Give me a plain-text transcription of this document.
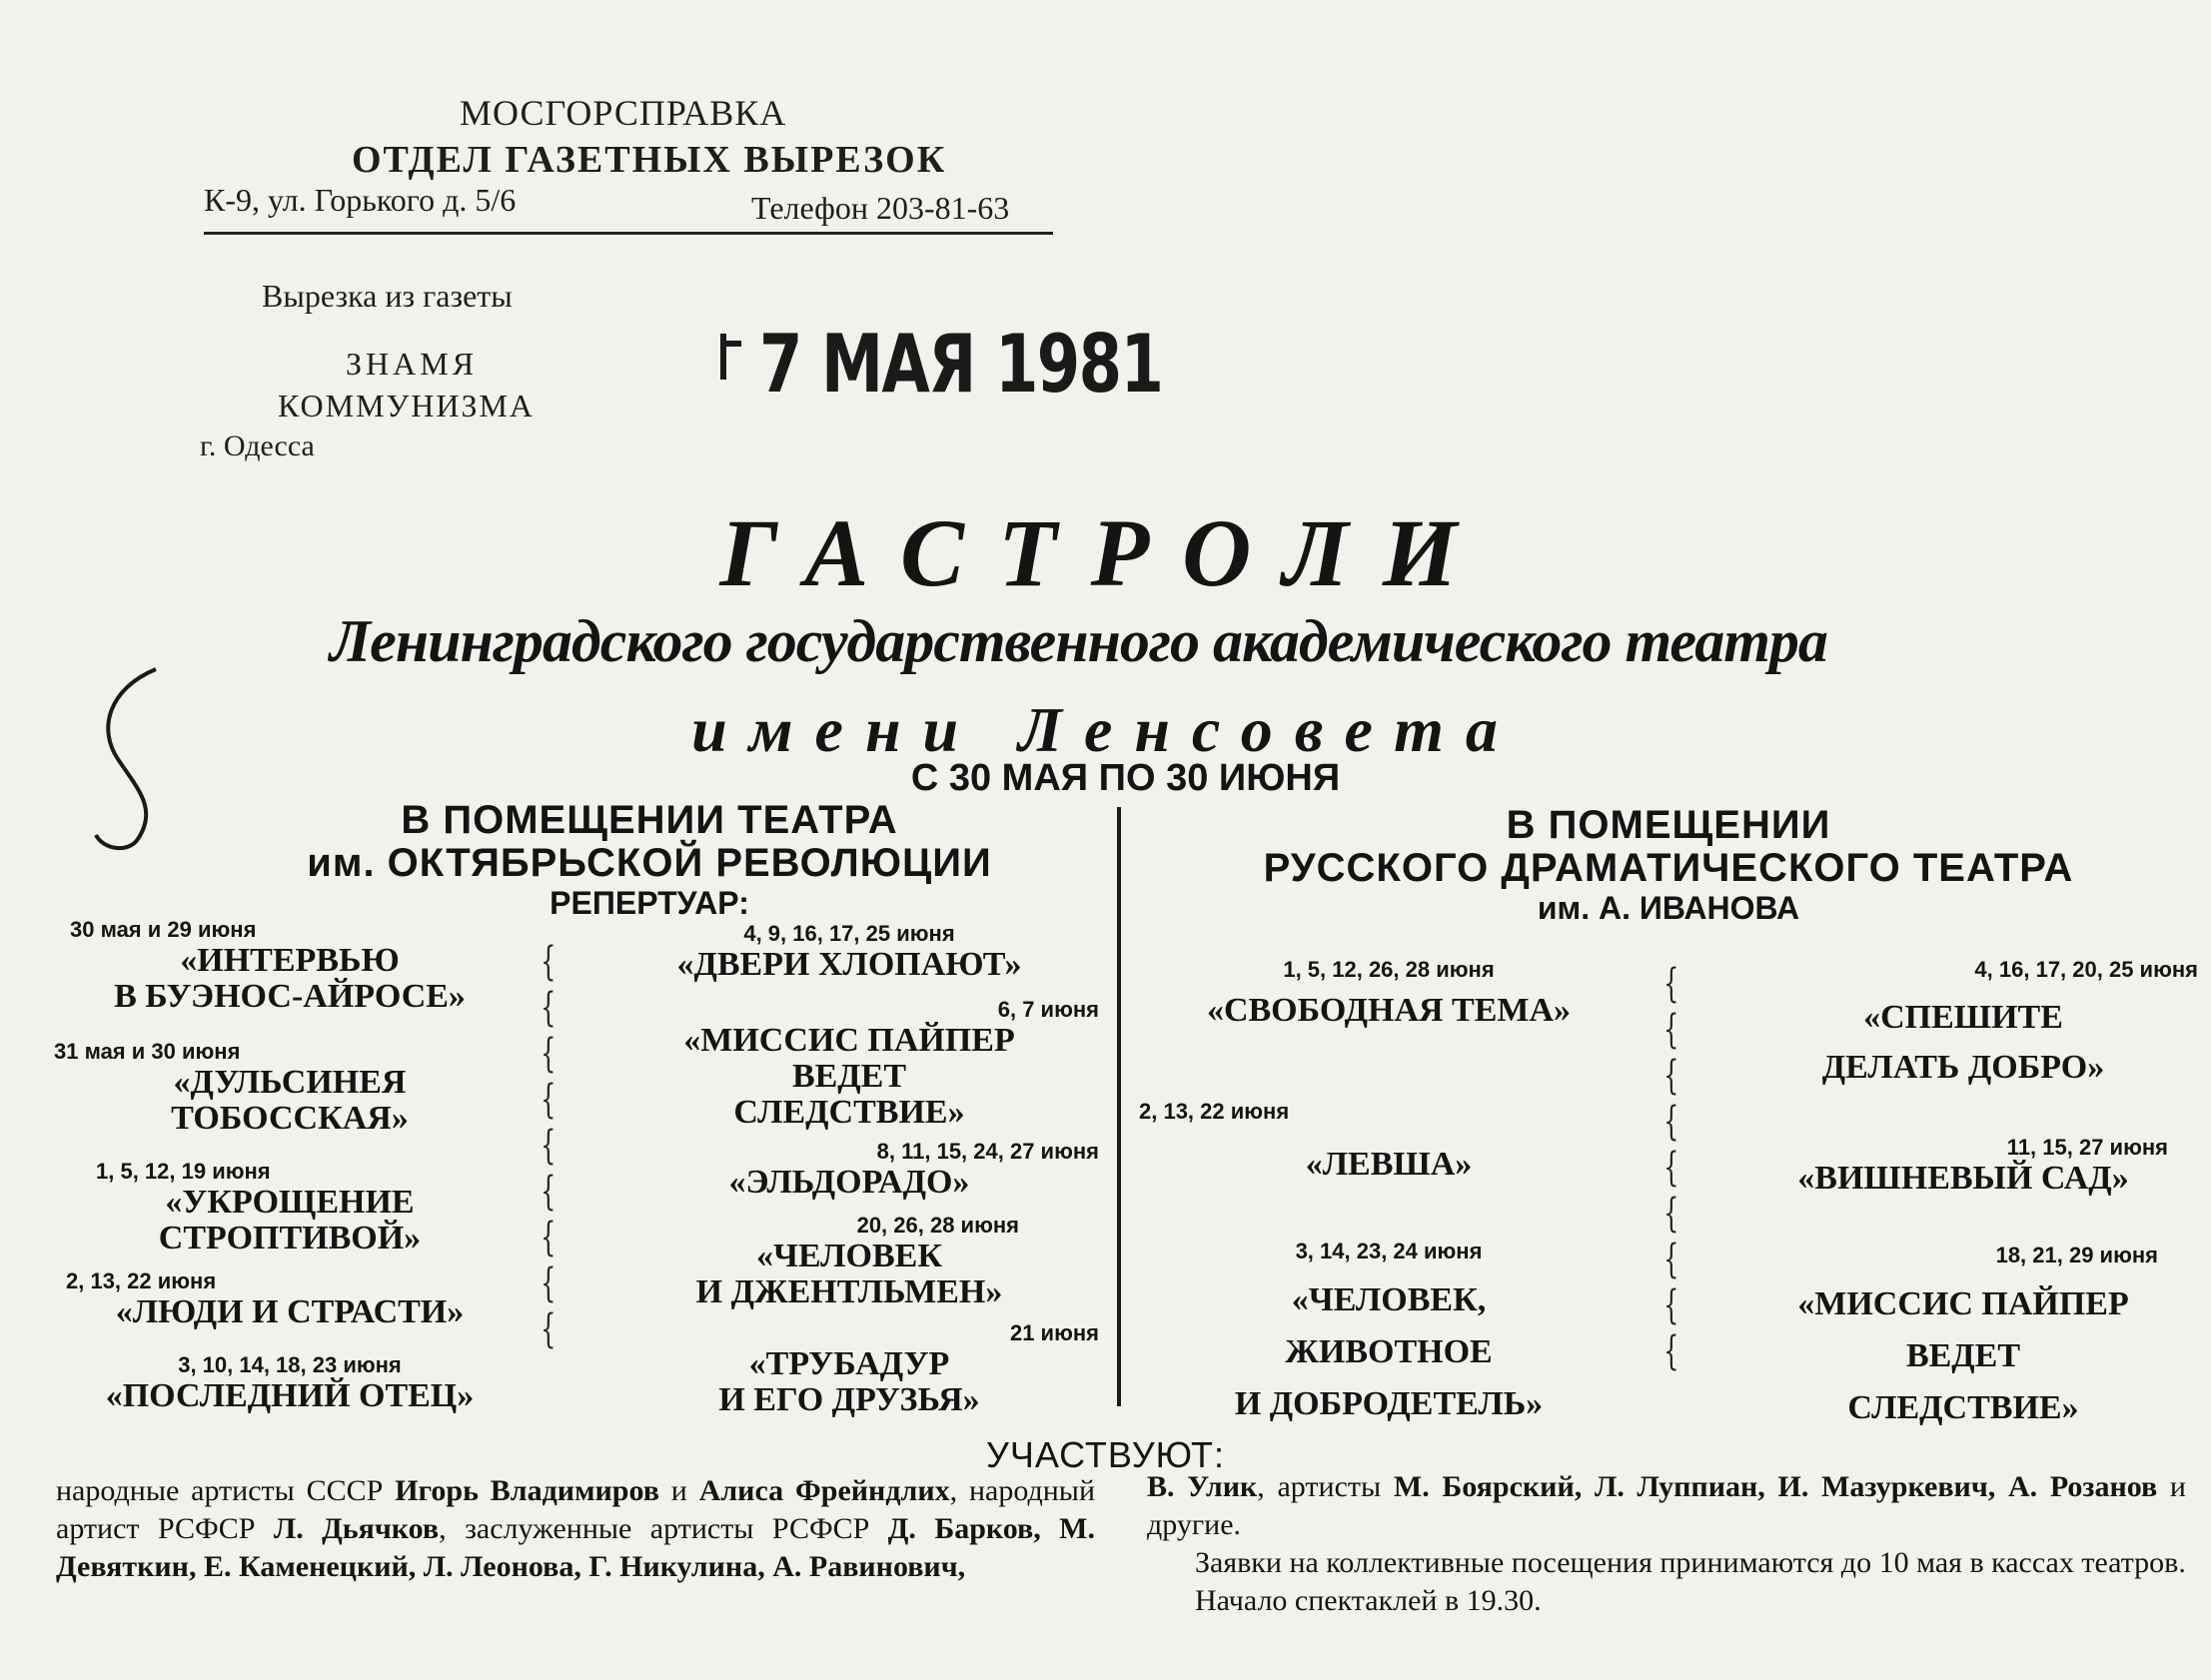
МОСГОРСПРАВКА
ОТДЕЛ ГАЗЕТНЫХ ВЫРЕЗОК
К-9, ул. Горького д. 5/6	Телефон 203-81-63
Вырезка из газеты
ЗНАМЯ
КОММУНИЗМА
г. Одесса
7 МАЯ 1981
ГАСТРОЛИ
Ленинградского государственного академического театра
имени Ленсовета
С 30 МАЯ ПО 30 ИЮНЯ
В ПОМЕЩЕНИИ ТЕАТРА
им. ОКТЯБРЬСКОЙ РЕВОЛЮЦИИ
РЕПЕРТУАР:
В ПОМЕЩЕНИИ
РУССКОГО ДРАМАТИЧЕСКОГО ТЕАТРА
им. А. ИВАНОВА
30 мая и 29 июня
«ИНТЕРВЬЮ
В БУЭНОС-АЙРОСЕ»
31 мая и 30 июня
«ДУЛЬСИНЕЯ
ТОБОССКАЯ»
1, 5, 12, 19 июня
«УКРОЩЕНИЕ
СТРОПТИВОЙ»
2, 13, 22 июня
«ЛЮДИ И СТРАСТИ»
3, 10, 14, 18, 23 июня
«ПОСЛЕДНИЙ ОТЕЦ»
{
{
{
{
{
{
{
{
{
4, 9, 16, 17, 25 июня
«ДВЕРИ ХЛОПАЮТ»
6, 7 июня
«МИССИС ПАЙПЕР
ВЕДЕТ
СЛЕДСТВИЕ»
8, 11, 15, 24, 27 июня
«ЭЛЬДОРАДО»
20, 26, 28 июня
«ЧЕЛОВЕК
И ДЖЕНТЛЬМЕН»
21 июня
«ТРУБАДУР
И ЕГО ДРУЗЬЯ»
1, 5, 12, 26, 28 июня
«СВОБОДНАЯ ТЕМА»
2, 13, 22 июня
«ЛЕВША»
3, 14, 23, 24 июня
«ЧЕЛОВЕК,
ЖИВОТНОЕ
И ДОБРОДЕТЕЛЬ»
{
{
{
{
{
{
{
{
{
4, 16, 17, 20, 25 июня
«СПЕШИТЕ
ДЕЛАТЬ ДОБРО»
11, 15, 27 июня
«ВИШНЕВЫЙ САД»
18, 21, 29 июня
«МИССИС ПАЙПЕР
ВЕДЕТ
СЛЕДСТВИЕ»
УЧАСТВУЮТ:
народные артисты СССР Игорь Владимиров и Алиса Фрейндлих, народный артист РСФСР Л. Дьячков, заслуженные артисты РСФСР Д. Барков, М. Девяткин, Е. Каменецкий, Л. Леонова, Г. Никулина, А. Равинович,
В. Улик, артисты М. Боярский, Л. Луппиан, И. Мазуркевич, А. Розанов и другие.
Заявки на коллективные посещения принимаются до 10 мая в кассах театров.
Начало спектаклей в 19.30.
